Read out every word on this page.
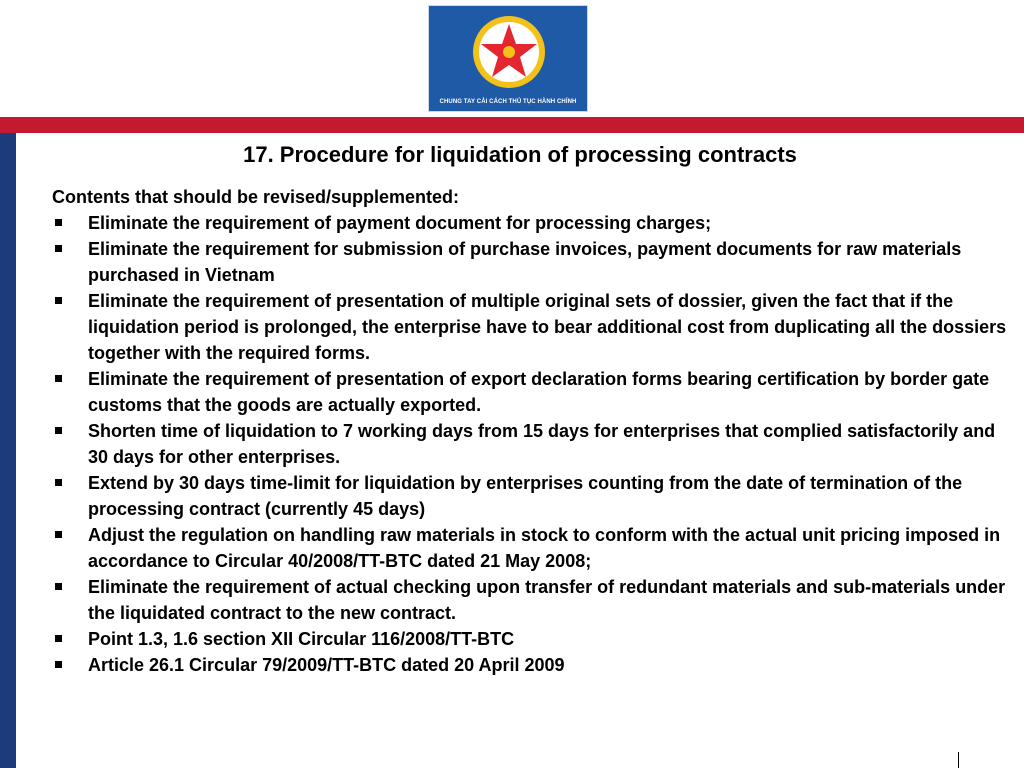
CHUNG TAY CẢI CÁCH THỦ TỤC HÀNH CHÍNH
17. Procedure for liquidation of processing contracts

Contents that should be revised/supplemented:

Eliminate the requirement of payment document for processing charges;
Eliminate the requirement for submission of purchase invoices, payment documents for raw materials purchased in Vietnam
Eliminate the requirement of presentation of multiple original sets of dossier, given the fact that if the liquidation period is prolonged, the enterprise have to bear additional cost from duplicating all the dossiers together with the required forms.
Eliminate the requirement of presentation of export declaration forms bearing certification by border gate customs that the goods are actually exported.
Shorten time of liquidation to 7 working days from 15 days for enterprises that complied satisfactorily and 30 days for other enterprises.
Extend by 30 days time-limit for liquidation by enterprises counting from the date of termination of the processing contract (currently 45 days)
Adjust the regulation on handling raw materials in stock to conform with the actual unit pricing imposed in accordance to Circular 40/2008/TT-BTC dated 21 May 2008;
Eliminate the requirement of actual checking upon transfer of redundant materials and sub-materials under the liquidated contract to the new contract.
Point 1.3, 1.6 section XII Circular 116/2008/TT-BTC
Article 26.1 Circular 79/2009/TT-BTC dated 20 April 2009
